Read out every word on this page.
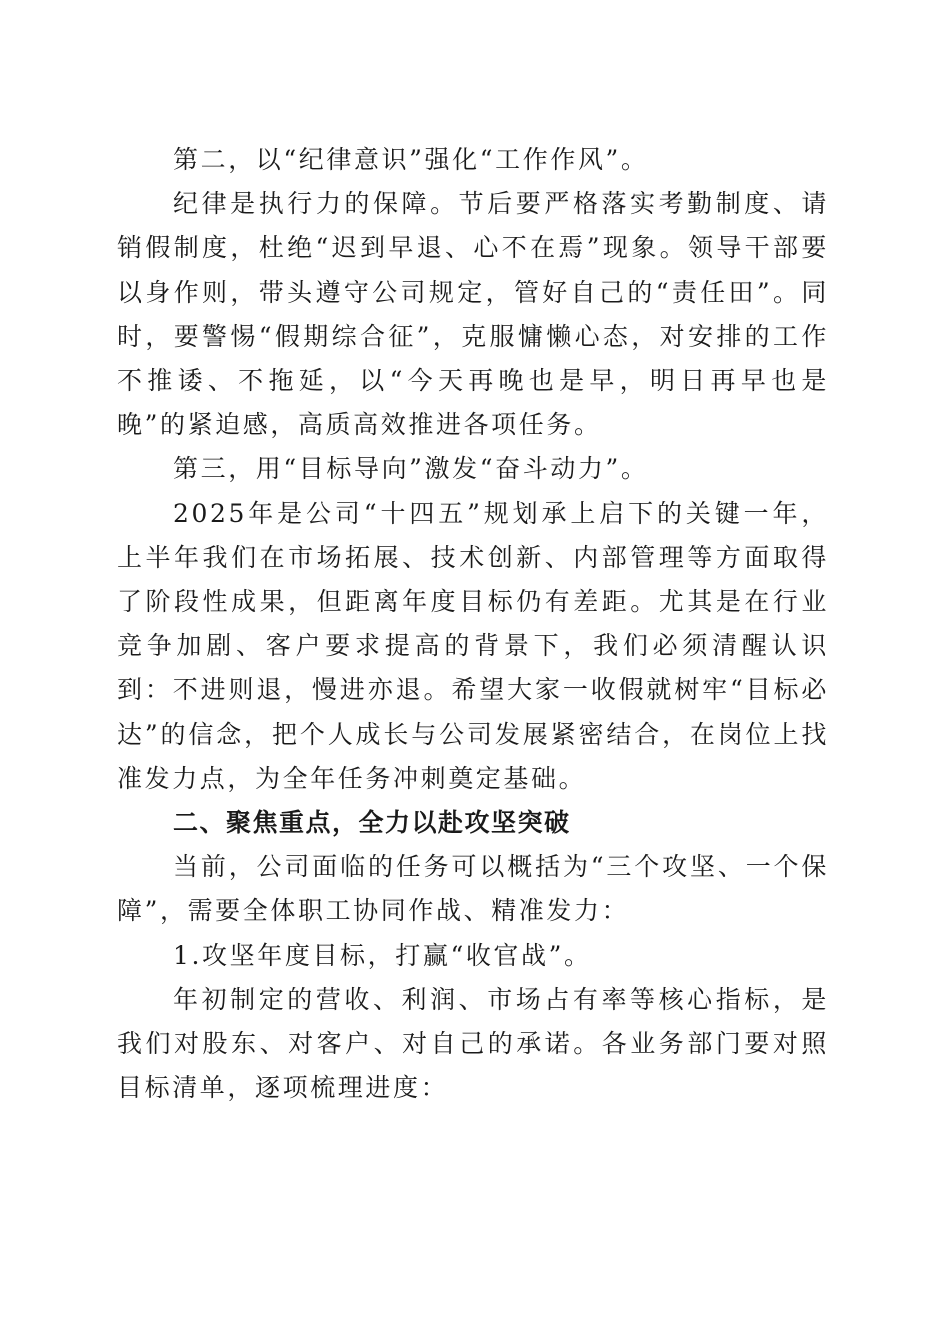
第二，以“纪律意识”强化“工作作风”。

纪律是执行力的保障。节后要严格落实考勤制度、请销假制度，杜绝“迟到早退、心不在焉”现象。领导干部要以身作则，带头遵守公司规定，管好自己的“责任田”。同时，要警惕“假期综合征”，克服慵懒心态，对安排的工作不推诿、不拖延，以“今天再晚也是早，明日再早也是晚”的紧迫感，高质高效推进各项任务。

第三，用“目标导向”激发“奋斗动力”。

2025年是公司“十四五”规划承上启下的关键一年，上半年我们在市场拓展、技术创新、内部管理等方面取得了阶段性成果，但距离年度目标仍有差距。尤其是在行业竞争加剧、客户要求提高的背景下，我们必须清醒认识到：不进则退，慢进亦退。希望大家一收假就树牢“目标必达”的信念，把个人成长与公司发展紧密结合，在岗位上找准发力点，为全年任务冲刺奠定基础。

二、聚焦重点，全力以赴攻坚突破

当前，公司面临的任务可以概括为“三个攻坚、一个保障”，需要全体职工协同作战、精准发力：

1.攻坚年度目标，打赢“收官战”。

年初制定的营收、利润、市场占有率等核心指标，是我们对股东、对客户、对自己的承诺。各业务部门要对照目标清单，逐项梳理进度：
